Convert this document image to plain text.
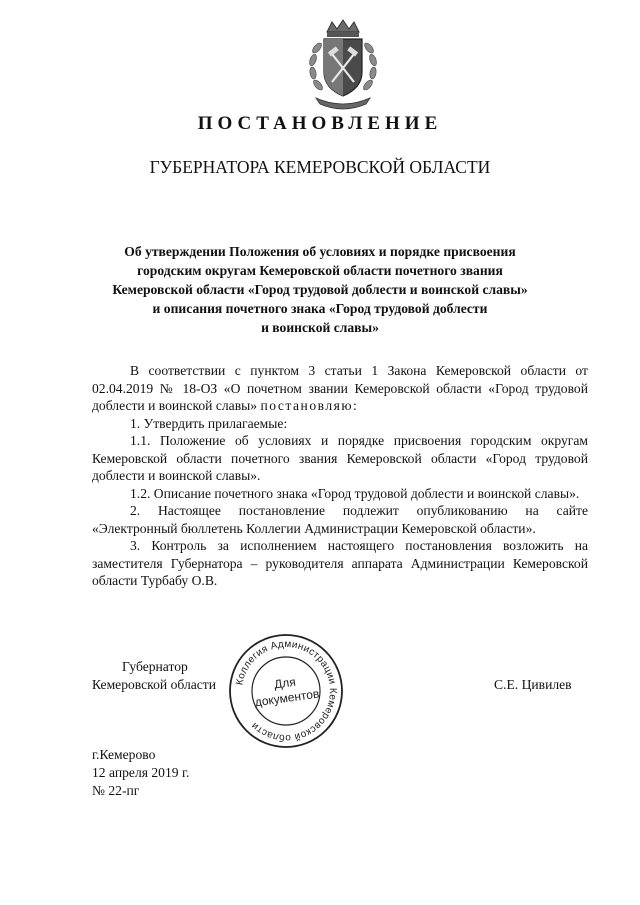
ПОСТАНОВЛЕНИЕ
ГУБЕРНАТОРА КЕМЕРОВСКОЙ ОБЛАСТИ
Об утверждении Положения об условиях и порядке присвоения
городским округам Кемеровской области почетного звания
Кемеровской области «Город трудовой доблести и воинской славы»
и описания почетного знака «Город трудовой доблести
и воинской славы»

В соответствии с пунктом 3 статьи 1 Закона Кемеровской области от 02.04.2019 № 18-ОЗ «О почетном звании Кемеровской области «Город трудовой доблести и воинской славы» постановляю:

1. Утвердить прилагаемые:

1.1. Положение об условиях и порядке присвоения городским округам Кемеровской области почетного звания Кемеровской области «Город трудовой доблести и воинской славы».

1.2. Описание почетного знака «Город трудовой доблести и воинской славы».

2. Настоящее постановление подлежит опубликованию на сайте «Электронный бюллетень Коллегии Администрации Кемеровской области».

3. Контроль за исполнением настоящего постановления возложить на заместителя Губернатора – руководителя аппарата Администрации Кемеровской области Турбабу О.В.

Губернатор
Кемеровской области	С.Е. Цивилев
Коллегия Администрации Кемеровской области
Для
документов
г.Кемерово
12 апреля 2019 г.
№ 22-пг
